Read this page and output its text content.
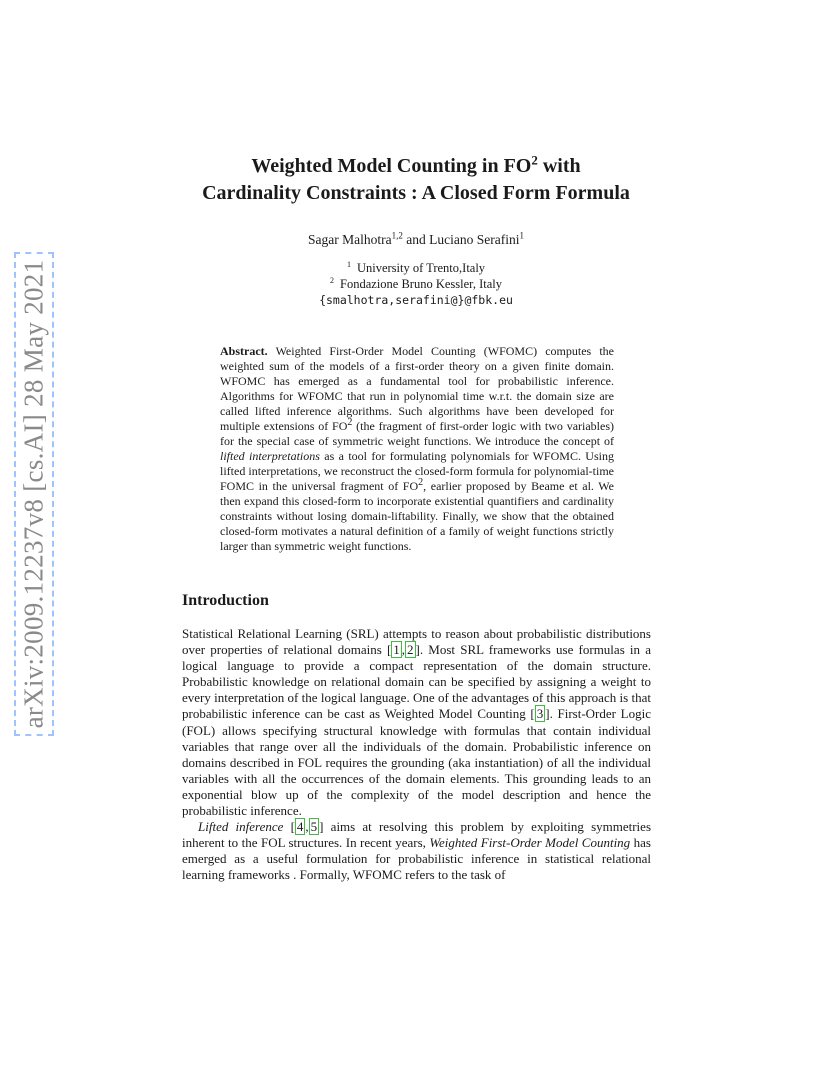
arXiv:2009.12237v8 [cs.AI] 28 May 2021
Weighted Model Counting in $FO^2$ with
Cardinality Constraints : A Closed Form Formula
Sagar Malhotra$^{1,2}$ and Luciano Serafini$^1$
$^1$ University of Trento,Italy
$^2$ Fondazione Bruno Kessler, Italy
{smalhotra,serafini@}@fbk.eu
Abstract. Weighted First-Order Model Counting (WFOMC) computes the weighted sum of the models of a first-order theory on a given finite domain. WFOMC has emerged as a fundamental tool for probabilistic inference. Algorithms for WFOMC that run in polynomial time w.r.t. the domain size are called lifted inference algorithms. Such algorithms have been developed for multiple extensions of $FO^2$ (the fragment of first-order logic with two variables) for the special case of symmetric weight functions. We introduce the concept of lifted interpretations as a tool for formulating polynomials for WFOMC. Using lifted interpretations, we reconstruct the closed-form formula for polynomial-time FOMC in the universal fragment of $FO^2$, earlier proposed by Beame et al. We then expand this closed-form to incorporate existential quantifiers and cardinality constraints without losing domain-liftability. Finally, we show that the obtained closed-form motivates a natural definition of a family of weight functions strictly larger than symmetric weight functions.
Introduction

Statistical Relational Learning (SRL) attempts to reason about probabilistic distributions over properties of relational domains [ 1 , 2 ]. Most SRL frameworks use formulas in a logical language to provide a compact representation of the domain structure. Probabilistic knowledge on relational domain can be specified by assigning a weight to every interpretation of the logical language. One of the advantages of this approach is that probabilistic inference can be cast as Weighted Model Counting [ 3 ]. First-Order Logic (FOL) allows specifying structural knowledge with formulas that contain individual variables that range over all the individuals of the domain. Probabilistic inference on domains described in FOL requires the grounding (aka instantiation) of all the individual variables with all the occurrences of the domain elements. This grounding leads to an exponential blow up of the complexity of the model description and hence the probabilistic inference.

Lifted inference [ 4 , 5 ] aims at resolving this problem by exploiting symmetries inherent to the FOL structures. In recent years, Weighted First-Order Model Counting has emerged as a useful formulation for probabilistic inference in statistical relational learning frameworks . Formally, WFOMC refers to the task of
